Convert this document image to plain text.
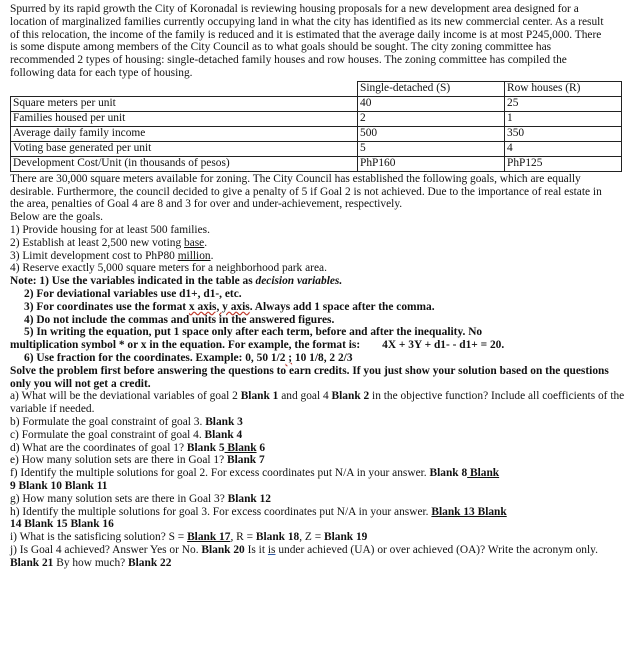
Spurred by its rapid growth the City of Koronadal is reviewing housing proposals for a new development area designed for a location of marginalized families currently occupying land in what the city has identified as its new commercial center. As a result of this relocation, the income of the family is reduced and it is estimated that the average daily income is at most P245,000. There is some dispute among members of the City Council as to what goals should be sought. The city zoning committee has recommended 2 types of housing: single-detached family houses and row houses. The zoning committee has compiled the following data for each type of housing.

	Single-detached (S)	Row houses (R)
Square meters per unit	40	25
Families housed per unit	2	1
Average daily family income	500	350
Voting base generated per unit	5	4
Development Cost/Unit (in thousands of pesos)	PhP160	PhP125

There are 30,000 square meters available for zoning. The City Council has established the following goals, which are equally desirable. Furthermore, the council decided to give a penalty of 5 if Goal 2 is not achieved. Due to the importance of real estate in the area, penalties of Goal 4 are 8 and 3 for over and under-achievement, respectively.

Below are the goals.

1) Provide housing for at least 500 families.

2) Establish at least 2,500 new voting base.

3) Limit development cost to PhP80 million.

4) Reserve exactly 5,000 square meters for a neighborhood park area.

Note: 1) Use the variables indicated in the table as decision variables.

2) For deviational variables use d1+, d1-, etc.

3) For coordinates use the format x axis, y axis. Always add 1 space after the comma.

4) Do not include the commas and units in the answered figures.

5) In writing the equation, put 1 space only after each term, before and after the inequality. No

multiplication symbol * or x in the equation. For example, the format is: 4X + 3Y + d1- - d1+ = 20.

6) Use fraction for the coordinates. Example: 0, 50 1/2 ; 10 1/8, 2 2/3

Solve the problem first before answering the questions to earn credits. If you just show your solution based on the questions only you will not get a credit.

a) What will be the deviational variables of goal 2 Blank 1 and goal 4 Blank 2 in the objective function? Include all coefficients of the variable if needed.

b) Formulate the goal constraint of goal 3. Blank 3

c) Formulate the goal constraint of goal 4. Blank 4

d) What are the coordinates of goal 1? Blank 5 Blank 6

e) How many solution sets are there in Goal 1? Blank 7

f) Identify the multiple solutions for goal 2. For excess coordinates put N/A in your answer. Blank 8 Blank

9 Blank 10 Blank 11

g) How many solution sets are there in Goal 3? Blank 12

h) Identify the multiple solutions for goal 3. For excess coordinates put N/A in your answer. Blank 13 Blank

14 Blank 15 Blank 16

i) What is the satisficing solution? S = Blank 17, R = Blank 18, Z = Blank 19

j) Is Goal 4 achieved? Answer Yes or No. Blank 20 Is it is under achieved (UA) or over achieved (OA)? Write the acronym only. Blank 21 By how much? Blank 22
